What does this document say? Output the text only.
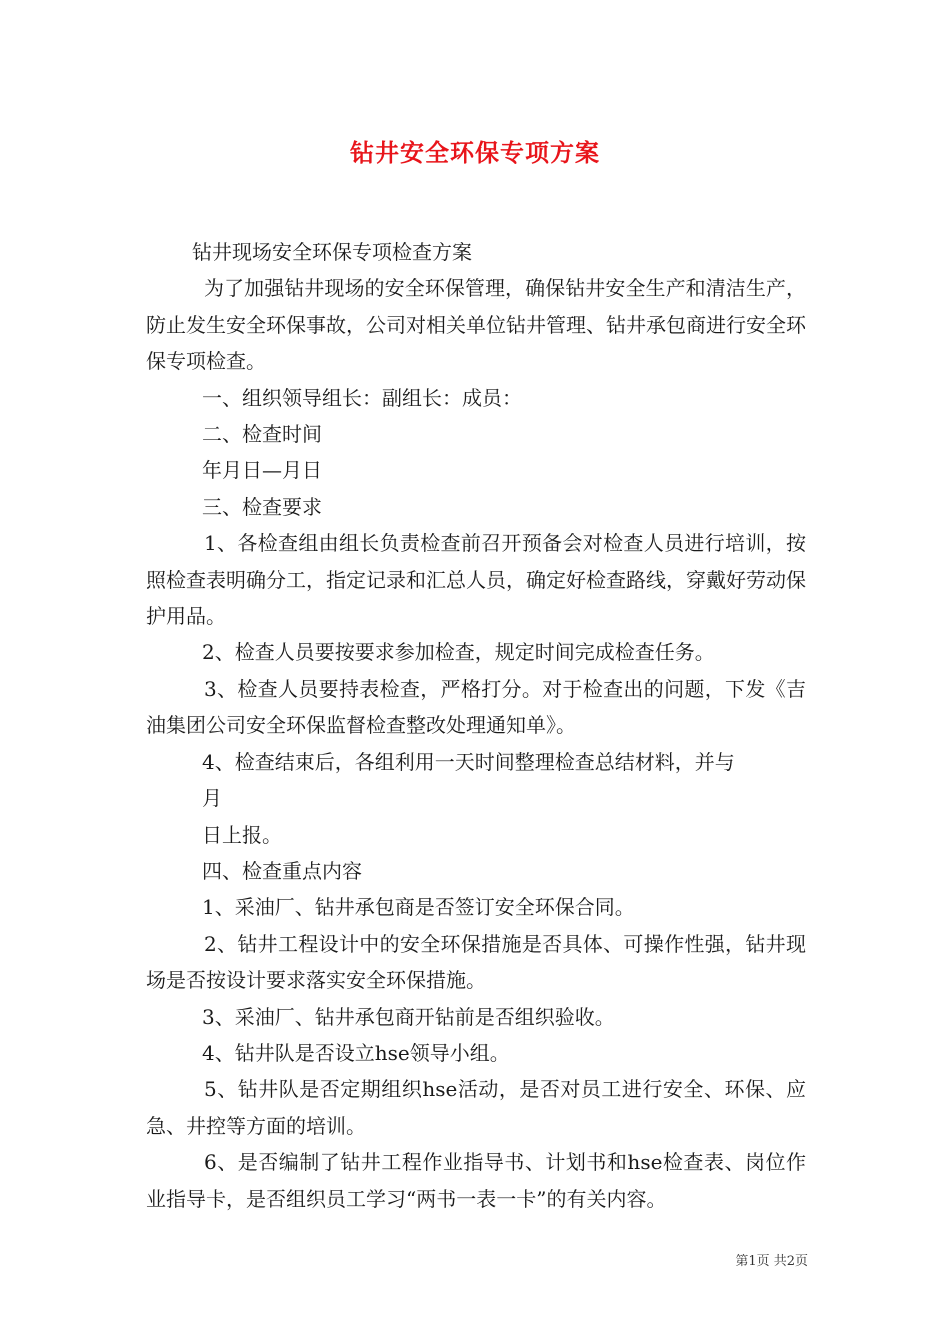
钻井安全环保专项方案

钻井现场安全环保专项检查方案

为了加强钻井现场的安全环保管理，确保钻井安全生产和清洁生产，防止发生安全环保事故，公司对相关单位钻井管理、钻井承包商进行安全环保专项检查。

一、组织领导组长：副组长：成员：

二、检查时间

年月日—月日

三、检查要求

1、各检查组由组长负责检查前召开预备会对检查人员进行培训，按照检查表明确分工，指定记录和汇总人员，确定好检查路线，穿戴好劳动保护用品。

2、检查人员要按要求参加检查，规定时间完成检查任务。

3、检查人员要持表检查，严格打分。对于检查出的问题，下发《吉油集团公司安全环保监督检查整改处理通知单》。

4、检查结束后，各组利用一天时间整理检查总结材料，并与

月

日上报。

四、检查重点内容

1、采油厂、钻井承包商是否签订安全环保合同。

2、钻井工程设计中的安全环保措施是否具体、可操作性强，钻井现场是否按设计要求落实安全环保措施。

3、采油厂、钻井承包商开钻前是否组织验收。

4、钻井队是否设立hse领导小组。

5、钻井队是否定期组织hse活动，是否对员工进行安全、环保、应急、井控等方面的培训。

6、是否编制了钻井工程作业指导书、计划书和hse检查表、岗位作业指导卡，是否组织员工学习“两书一表一卡”的有关内容。

第1页 共2页
